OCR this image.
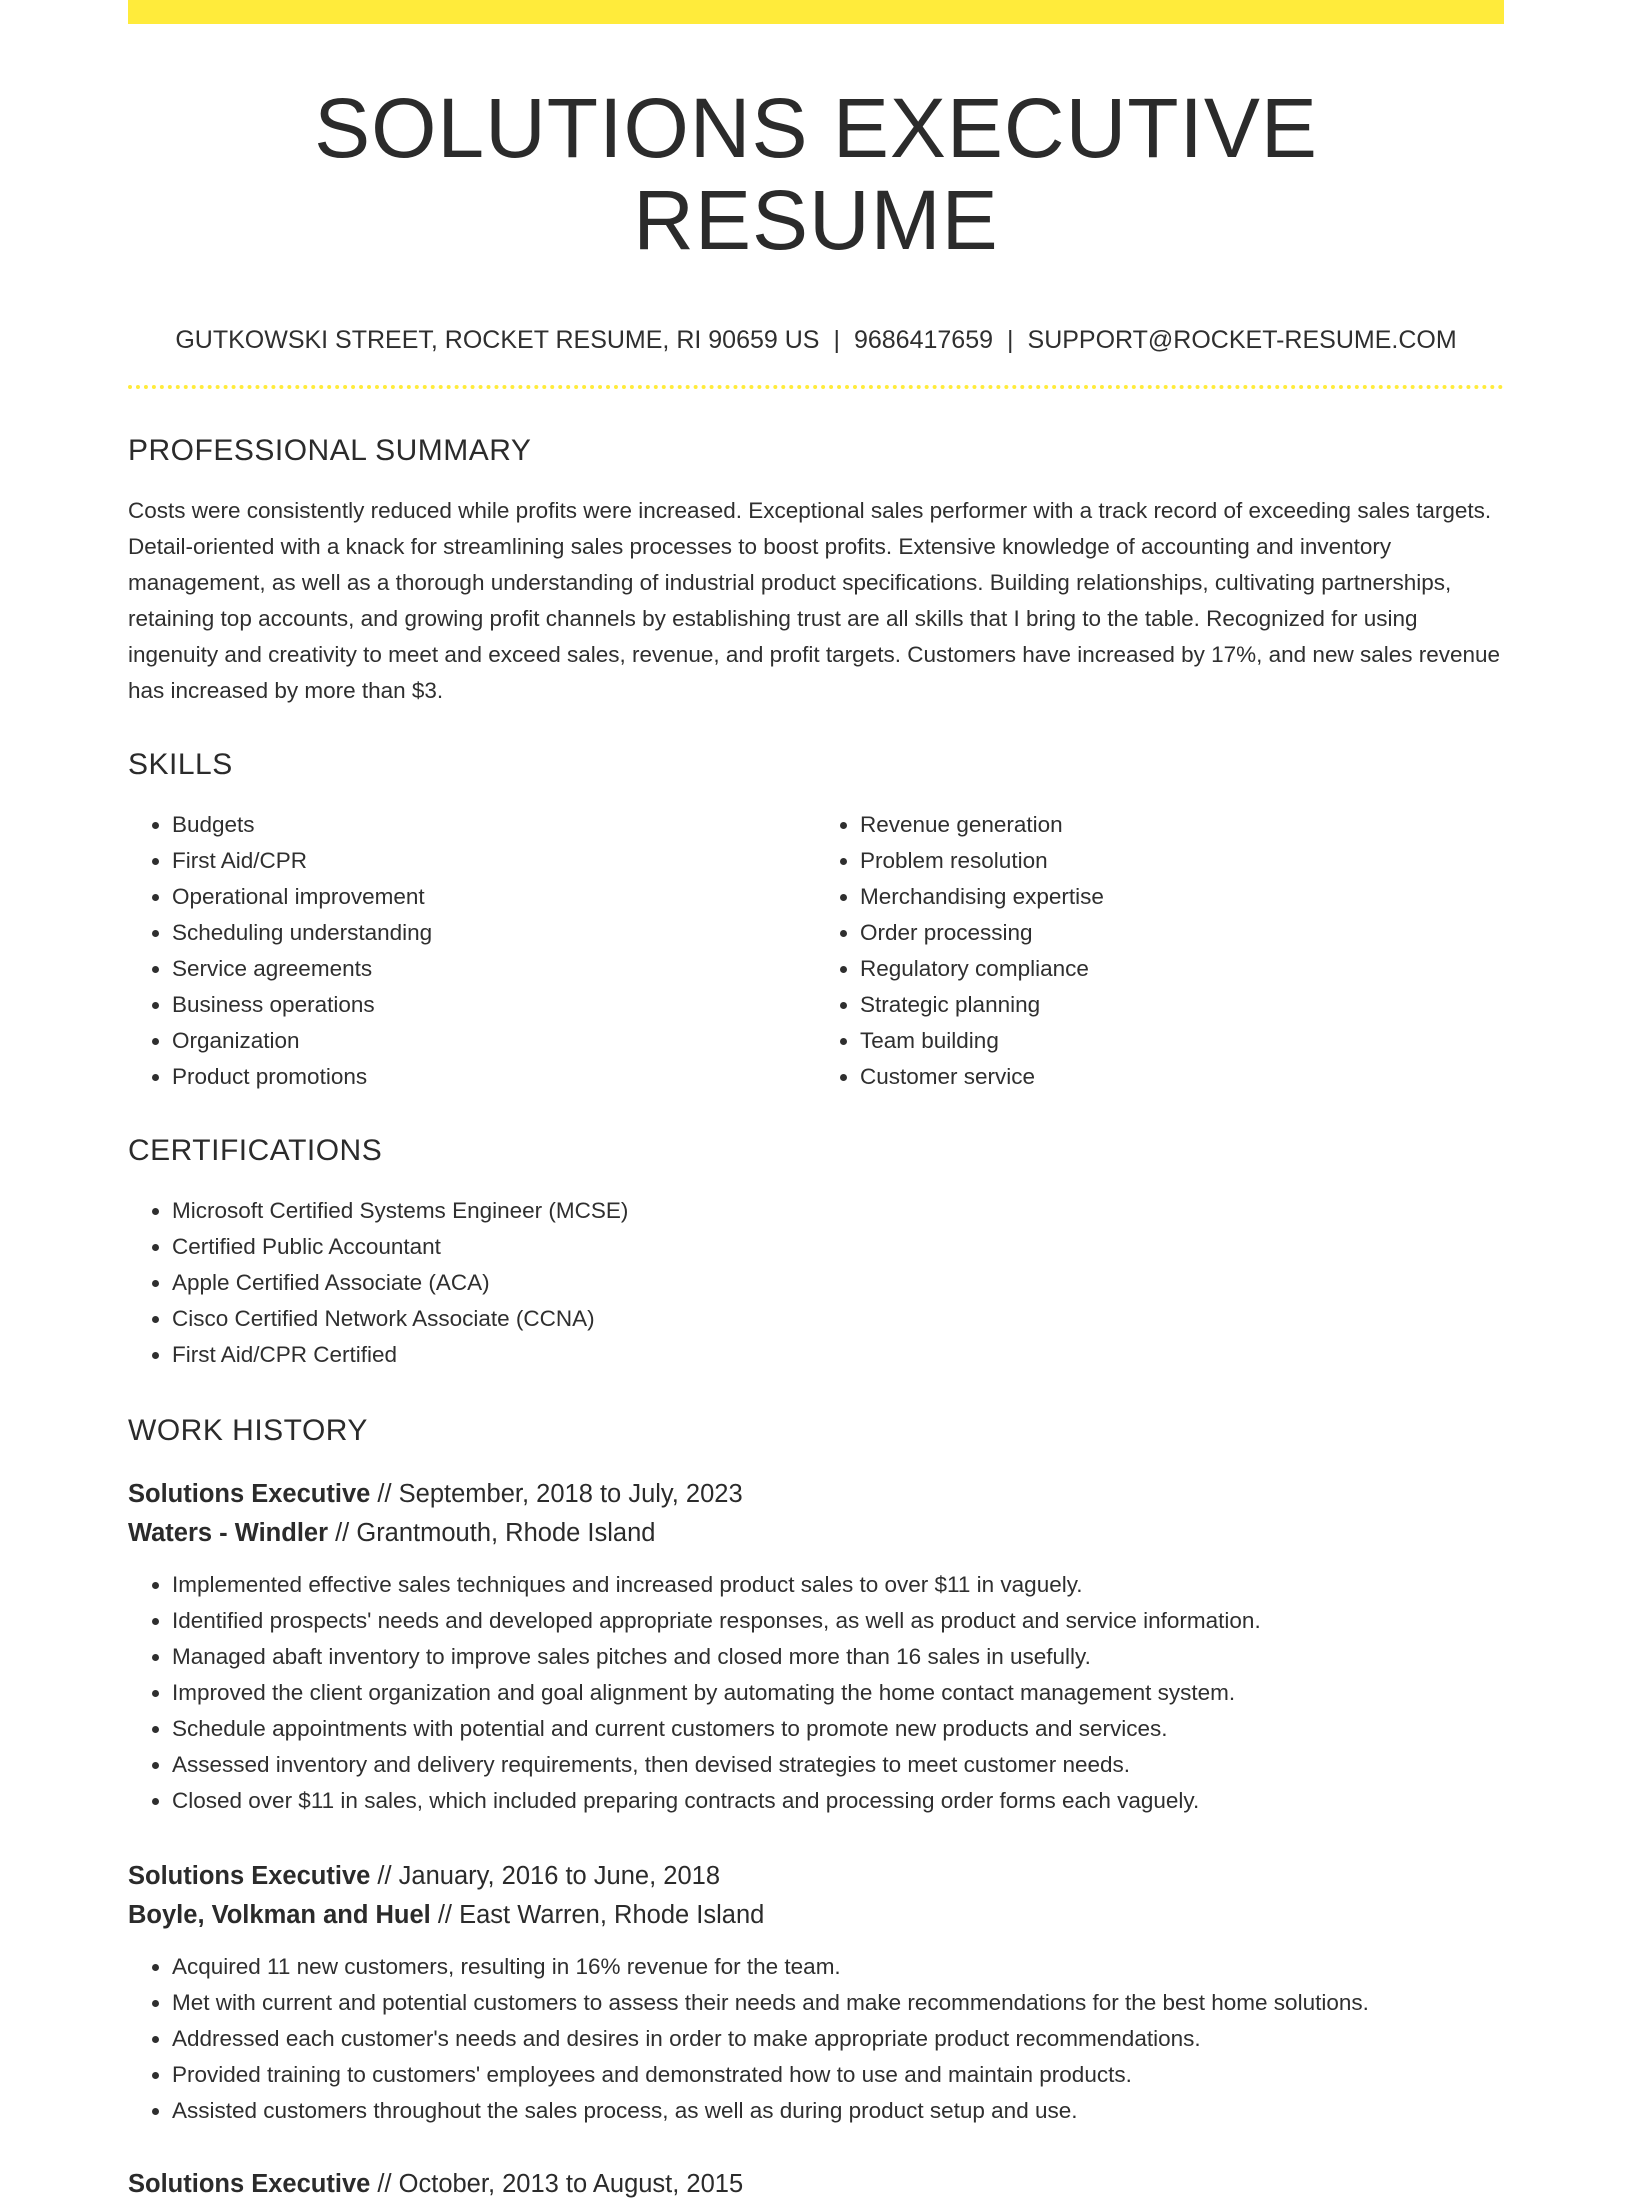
SOLUTIONS EXECUTIVE RESUME
GUTKOWSKI STREET, ROCKET RESUME, RI 90659 US | 9686417659 | SUPPORT@ROCKET-RESUME.COM
PROFESSIONAL SUMMARY

Costs were consistently reduced while profits were increased. Exceptional sales performer with a track record of exceeding sales targets. Detail-oriented with a knack for streamlining sales processes to boost profits. Extensive knowledge of accounting and inventory management, as well as a thorough understanding of industrial product specifications. Building relationships, cultivating partnerships, retaining top accounts, and growing profit channels by establishing trust are all skills that I bring to the table. Recognized for using ingenuity and creativity to meet and exceed sales, revenue, and profit targets. Customers have increased by 17%, and new sales revenue has increased by more than $3.

SKILLS
• Budgets
• First Aid/CPR
• Operational improvement
• Scheduling understanding
• Service agreements
• Business operations
• Organization
• Product promotions
• Revenue generation
• Problem resolution
• Merchandising expertise
• Order processing
• Regulatory compliance
• Strategic planning
• Team building
• Customer service
CERTIFICATIONS
• Microsoft Certified Systems Engineer (MCSE)
• Certified Public Accountant
• Apple Certified Associate (ACA)
• Cisco Certified Network Associate (CCNA)
• First Aid/CPR Certified
WORK HISTORY
Solutions Executive // September, 2018 to July, 2023
Waters - Windler // Grantmouth, Rhode Island
• Implemented effective sales techniques and increased product sales to over $11 in vaguely.
• Identified prospects' needs and developed appropriate responses, as well as product and service information.
• Managed abaft inventory to improve sales pitches and closed more than 16 sales in usefully.
• Improved the client organization and goal alignment by automating the home contact management system.
• Schedule appointments with potential and current customers to promote new products and services.
• Assessed inventory and delivery requirements, then devised strategies to meet customer needs.
• Closed over $11 in sales, which included preparing contracts and processing order forms each vaguely.
Solutions Executive // January, 2016 to June, 2018
Boyle, Volkman and Huel // East Warren, Rhode Island
• Acquired 11 new customers, resulting in 16% revenue for the team.
• Met with current and potential customers to assess their needs and make recommendations for the best home solutions.
• Addressed each customer's needs and desires in order to make appropriate product recommendations.
• Provided training to customers' employees and demonstrated how to use and maintain products.
• Assisted customers throughout the sales process, as well as during product setup and use.
Solutions Executive // October, 2013 to August, 2015
